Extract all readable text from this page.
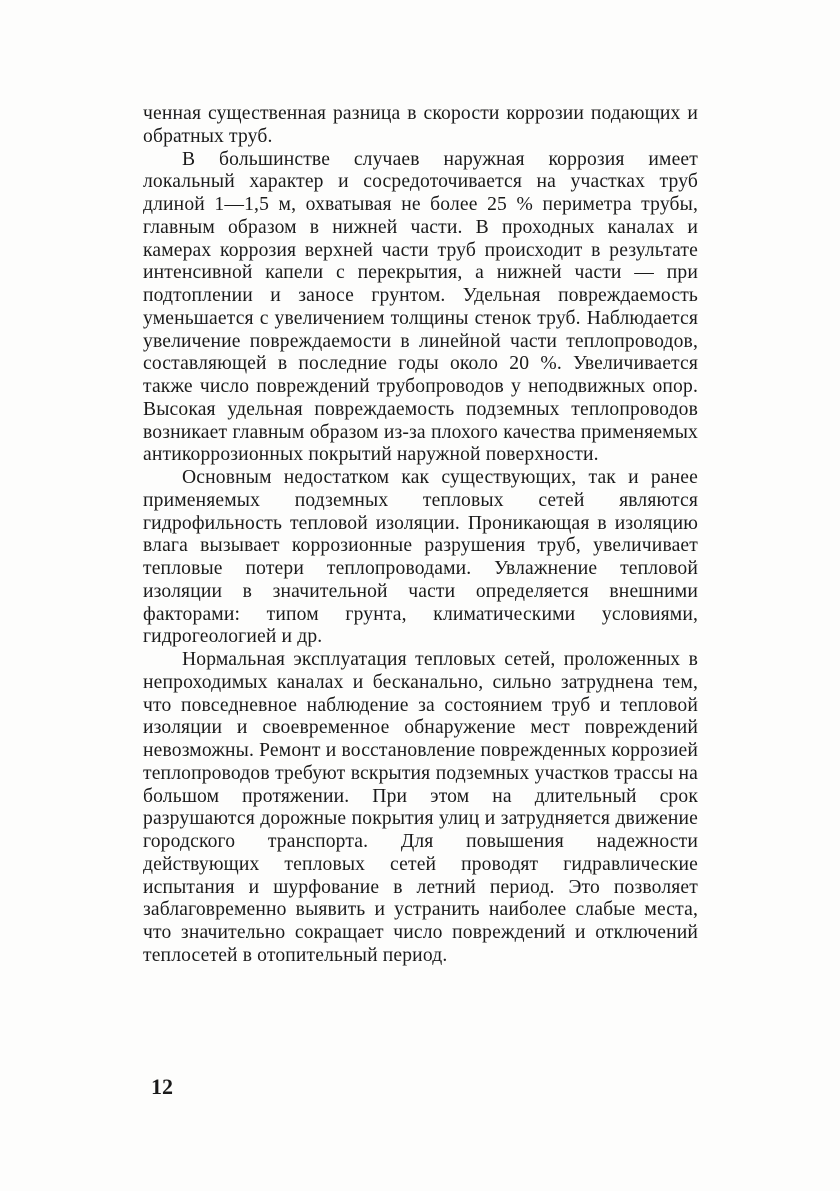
ченная существенная разница в скорости коррозии подающих и обратных труб.

В большинстве случаев наружная коррозия имеет локальный характер и сосредоточивается на участках труб длиной 1—1,5 м, охватывая не более 25 % периметра трубы, главным образом в нижней части. В проходных каналах и камерах коррозия верхней части труб происходит в результате интенсивной капели с перекрытия, а нижней части — при подтоплении и заносе грунтом. Удельная повреждаемость уменьшается с увеличением толщины стенок труб. Наблюдается увеличение повреждаемости в линейной части теплопроводов, составляющей в последние годы около 20 %. Увеличивается также число повреждений трубопроводов у неподвижных опор. Высокая удельная повреждаемость подземных теплопроводов возникает главным образом из-за плохого качества применяемых антикоррозионных покрытий наружной поверхности.

Основным недостатком как существующих, так и ранее применяемых подземных тепловых сетей являются гидрофильность тепловой изоляции. Проникающая в изоляцию влага вызывает коррозионные разрушения труб, увеличивает тепловые потери теплопроводами. Увлажнение тепловой изоляции в значительной части определяется внешними факторами: типом грунта, климатическими условиями, гидрогеологией и др.

Нормальная эксплуатация тепловых сетей, проложенных в непроходимых каналах и бесканально, сильно затруднена тем, что повседневное наблюдение за состоянием труб и тепловой изоляции и своевременное обнаружение мест повреждений невозможны. Ремонт и восстановление поврежденных коррозией теплопроводов требуют вскрытия подземных участков трассы на большом протяжении. При этом на длительный срок разрушаются дорожные покрытия улиц и затрудняется движение городского транспорта. Для повышения надежности действующих тепловых сетей проводят гидравлические испытания и шурфование в летний период. Это позволяет заблаговременно выявить и устранить наиболее слабые места, что значительно сокращает число повреждений и отключений теплосетей в отопительный период.

12
